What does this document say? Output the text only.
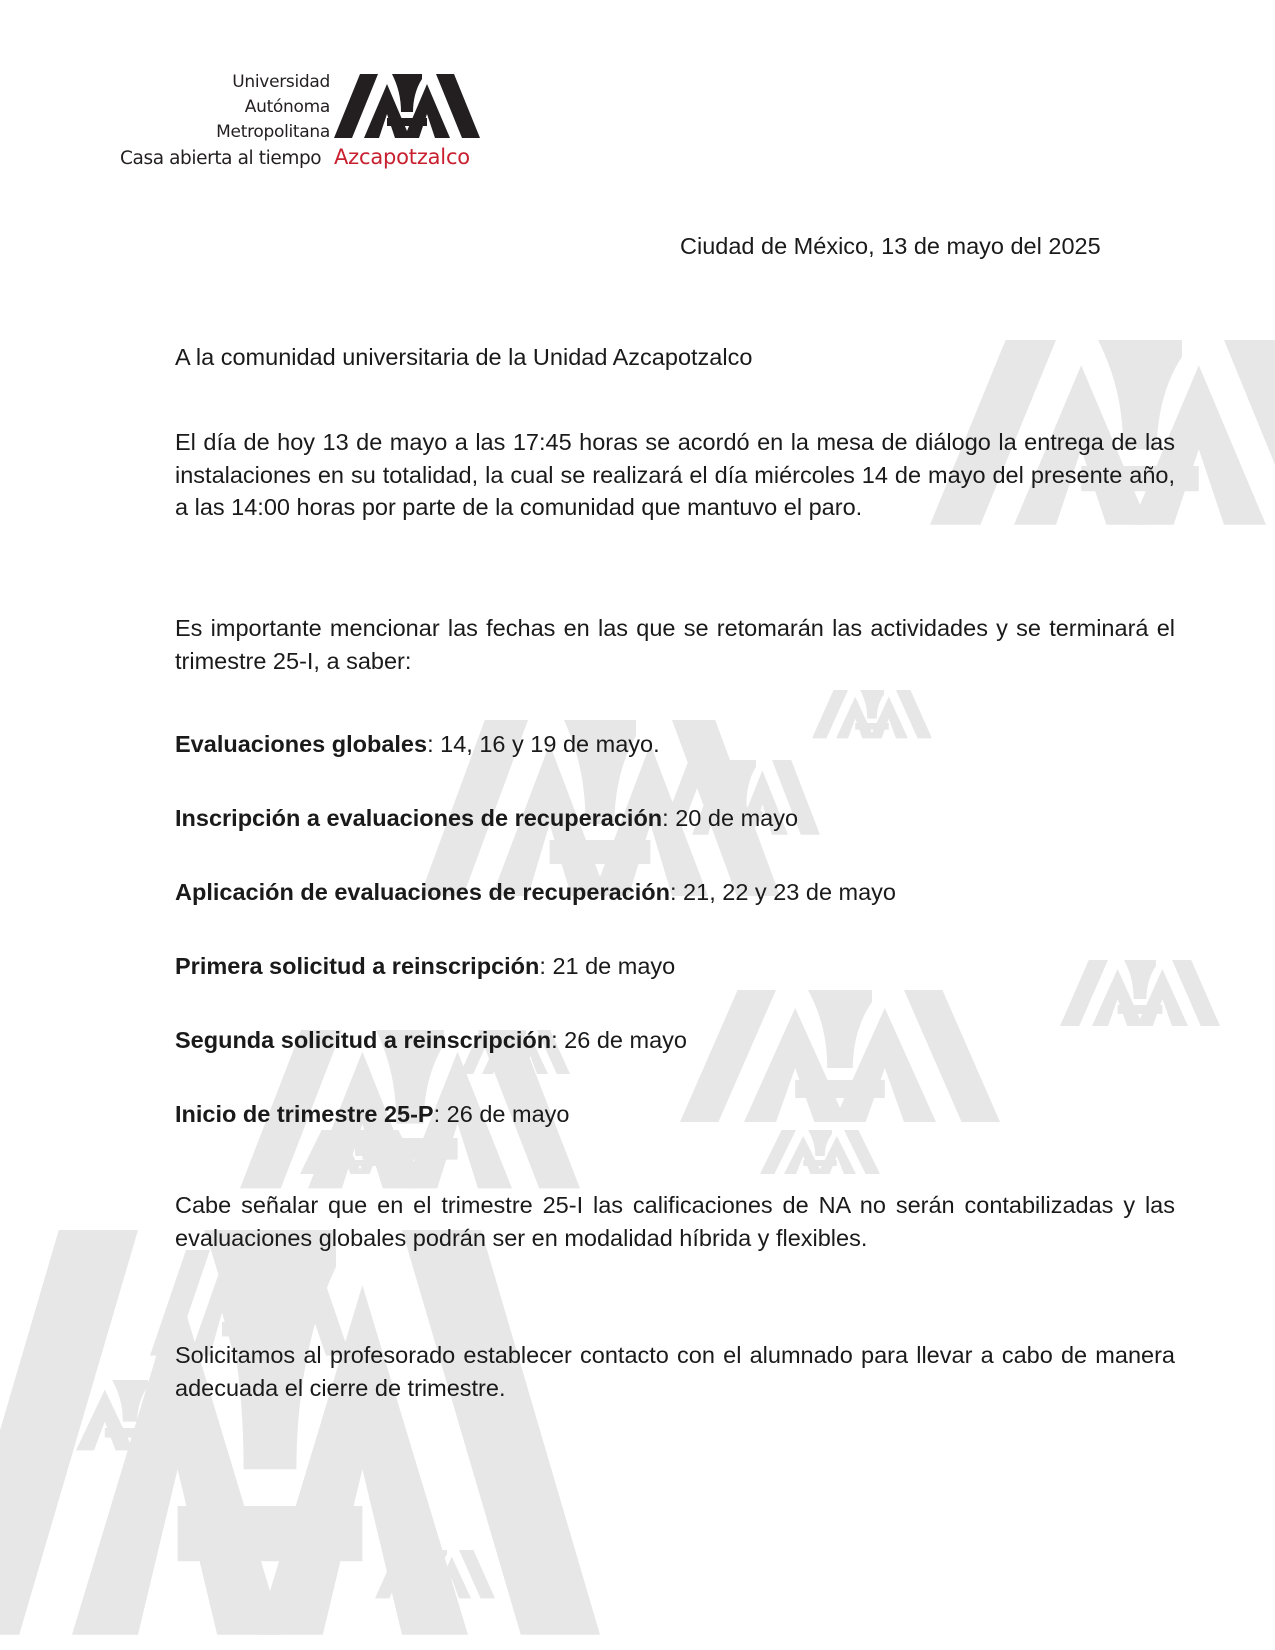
Universidad
Autónoma
Metropolitana
Casa abierta al tiempo Azcapotzalco
Ciudad de México, 13 de mayo del 2025

A la comunidad universitaria de la Unidad Azcapotzalco

El día de hoy 13 de mayo a las 17:45 horas se acordó en la mesa de diálogo la entrega de las instalaciones en su totalidad, la cual se realizará el día miércoles 14 de mayo del presente año, a las 14:00 horas por parte de la comunidad que mantuvo el paro.

Es importante mencionar las fechas en las que se retomarán las actividades y se terminará el trimestre 25-I, a saber:

Evaluaciones globales: 14, 16 y 19 de mayo.

Inscripción a evaluaciones de recuperación: 20 de mayo

Aplicación de evaluaciones de recuperación: 21, 22 y 23 de mayo

Primera solicitud a reinscripción: 21 de mayo

Segunda solicitud a reinscripción: 26 de mayo

Inicio de trimestre 25-P: 26 de mayo

Cabe señalar que en el trimestre 25-I las calificaciones de NA no serán contabilizadas y las evaluaciones globales podrán ser en modalidad híbrida y flexibles.

Solicitamos al profesorado establecer contacto con el alumnado para llevar a cabo de manera adecuada el cierre de trimestre.
